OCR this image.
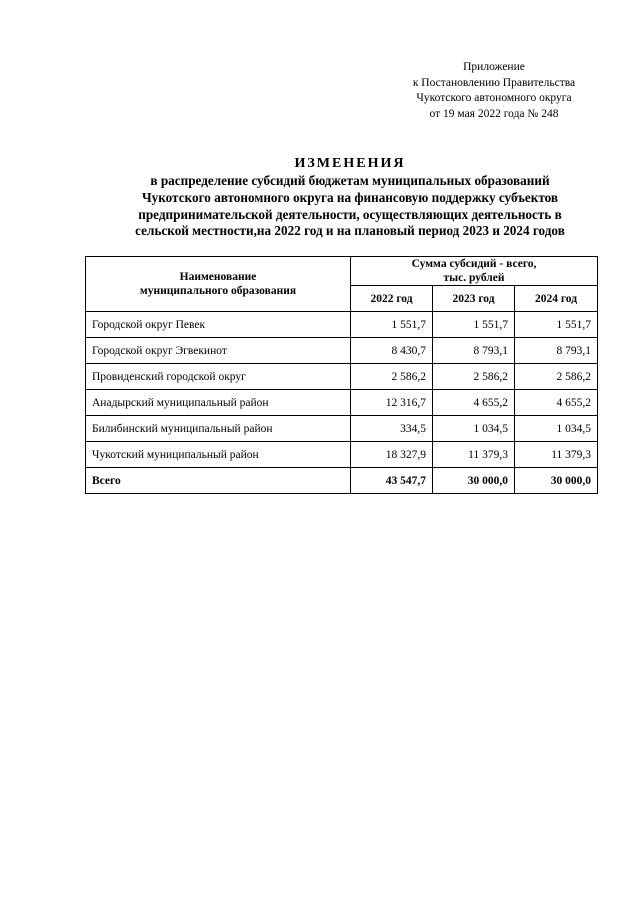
Приложение
к Постановлению Правительства
Чукотского автономного округа
от 19 мая 2022 года № 248
ИЗМЕНЕНИЯ
в распределение субсидий бюджетам муниципальных образований
Чукотского автономного округа на финансовую поддержку субъектов
предпринимательской деятельности, осуществляющих деятельность в
сельской местности,на 2022 год и на плановый период 2023 и 2024 годов
Наименование
муниципального образования	Сумма субсидий - всего,
тыс. рублей		
	2022 год	2023 год	2024 год
Городской округ Певек	1 551,7	1 551,7	1 551,7
Городской округ Эгвекинот	8 430,7	8 793,1	8 793,1
Провиденский городской округ	2 586,2	2 586,2	2 586,2
Анадырский муниципальный район	12 316,7	4 655,2	4 655,2
Билибинский муниципальный район	334,5	1 034,5	1 034,5
Чукотский муниципальный район	18 327,9	11 379,3	11 379,3
Всего	43 547,7	30 000,0	30 000,0
